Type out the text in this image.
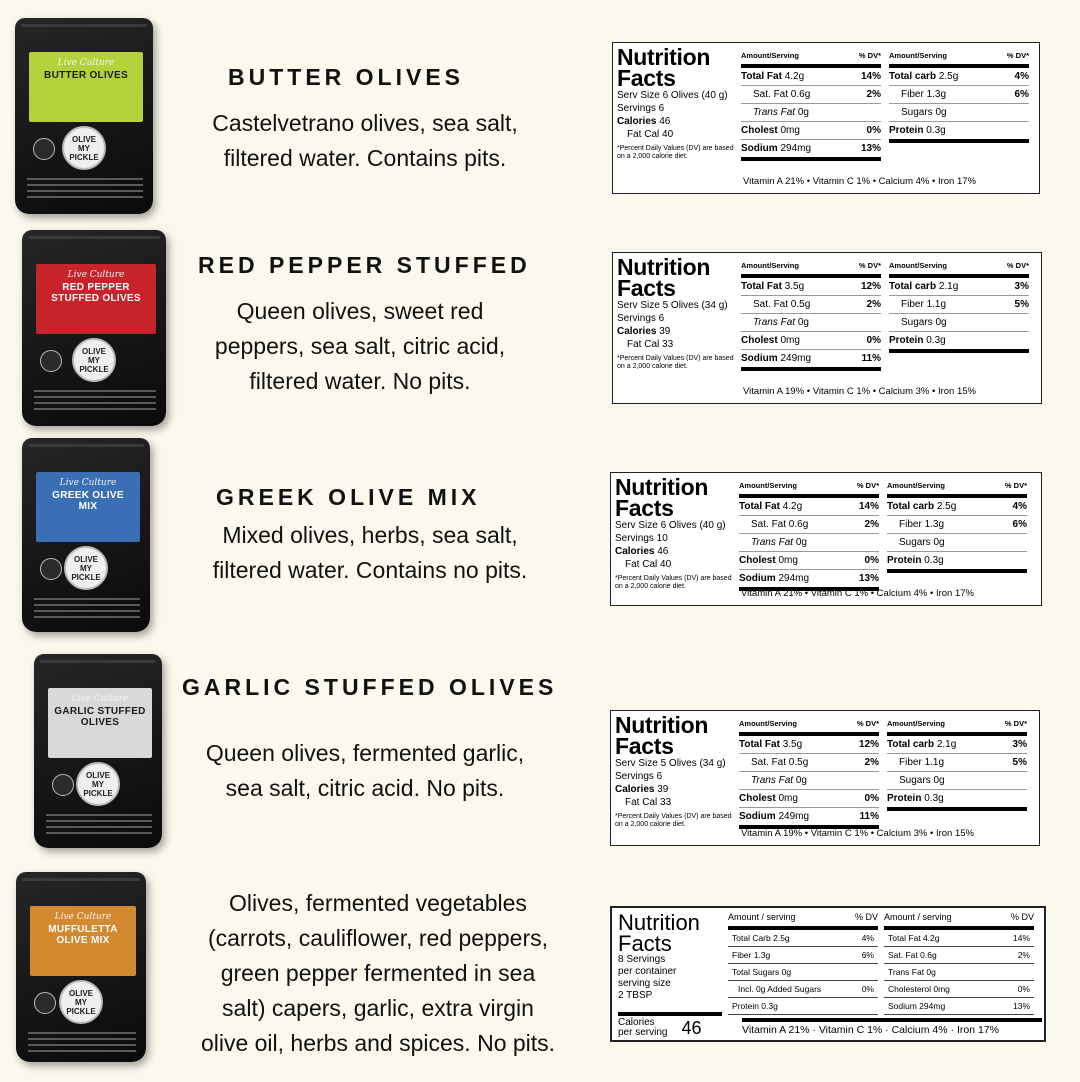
Live Culture
BUTTER OLIVES
OLIVE MY PICKLE
BUTTER OLIVES
Castelvetrano olives, sea salt,
filtered water. Contains pits.
Nutrition
Facts
Serv Size 6 Olives (40 g)
Servings 6
Calories 46
Fat Cal 40
*Percent Daily Values (DV) are based on a 2,000 calorie diet.
Amount/Serving	% DV*
Total Fat 4.2g	14%
Sat. Fat 0.6g	2%
Trans Fat 0g
Cholest 0mg	0%
Sodium 294mg	13%
Amount/Serving	% DV*
Total carb 2.5g	4%
Fiber 1.3g	6%
Sugars 0g
Protein 0.3g
Vitamin A 21% • Vitamin C 1% • Calcium 4% • Iron 17%
Live Culture
RED PEPPER STUFFED OLIVES
OLIVE MY PICKLE
RED PEPPER STUFFED
Queen olives, sweet red
peppers, sea salt, citric acid,
filtered water. No pits.
Nutrition
Facts
Serv Size 5 Olives (34 g)
Servings 6
Calories 39
Fat Cal 33
*Percent Daily Values (DV) are based on a 2,000 calorie diet.
Amount/Serving	% DV*
Total Fat 3.5g	12%
Sat. Fat 0.5g	2%
Trans Fat 0g
Cholest 0mg	0%
Sodium 249mg	11%
Amount/Serving	% DV*
Total carb 2.1g	3%
Fiber 1.1g	5%
Sugars 0g
Protein 0.3g
Vitamin A 19% • Vitamin C 1% • Calcium 3% • Iron 15%
Live Culture
GREEK OLIVE MIX
OLIVE MY PICKLE
GREEK OLIVE MIX
Mixed olives, herbs, sea salt,
filtered water. Contains no pits.
Nutrition
Facts
Serv Size 6 Olives (40 g)
Servings 10
Calories 46
Fat Cal 40
*Percent Daily Values (DV) are based on a 2,000 calorie diet.
Amount/Serving	% DV*
Total Fat 4.2g	14%
Sat. Fat 0.6g	2%
Trans Fat 0g
Cholest 0mg	0%
Sodium 294mg	13%
Amount/Serving	% DV*
Total carb 2.5g	4%
Fiber 1.3g	6%
Sugars 0g
Protein 0.3g
Vitamin A 21% • Vitamin C 1% • Calcium 4% • Iron 17%
Live Culture
GARLIC STUFFED OLIVES
OLIVE MY PICKLE
GARLIC STUFFED OLIVES
Queen olives, fermented garlic,
sea salt, citric acid. No pits.
Nutrition
Facts
Serv Size 5 Olives (34 g)
Servings 6
Calories 39
Fat Cal 33
*Percent Daily Values (DV) are based on a 2,000 calorie diet.
Amount/Serving	% DV*
Total Fat 3.5g	12%
Sat. Fat 0.5g	2%
Trans Fat 0g
Cholest 0mg	0%
Sodium 249mg	11%
Amount/Serving	% DV*
Total carb 2.1g	3%
Fiber 1.1g	5%
Sugars 0g
Protein 0.3g
Vitamin A 19% • Vitamin C 1% • Calcium 3% • Iron 15%
Live Culture
MUFFULETTA OLIVE MIX
OLIVE MY PICKLE
Olives, fermented vegetables
(carrots, cauliflower, red peppers,
green pepper fermented in sea
salt) capers, garlic, extra virgin
olive oil, herbs and spices. No pits.
Nutrition
Facts
8 Servings
per container
serving size
2 TBSP
Calories
per serving 46
Amount / serving	% DV
Total Carb 2.5g	4%
Fiber 1.3g	6%
Total Sugars 0g
Incl. 0g Added Sugars	0%
Protein 0.3g
Amount / serving	% DV
Total Fat 4.2g	14%
Sat. Fat 0.6g	2%
Trans Fat 0g
Cholesterol 0mg	0%
Sodium 294mg	13%
Vitamin A 21% · Vitamin C 1% · Calcium 4% · Iron 17%
